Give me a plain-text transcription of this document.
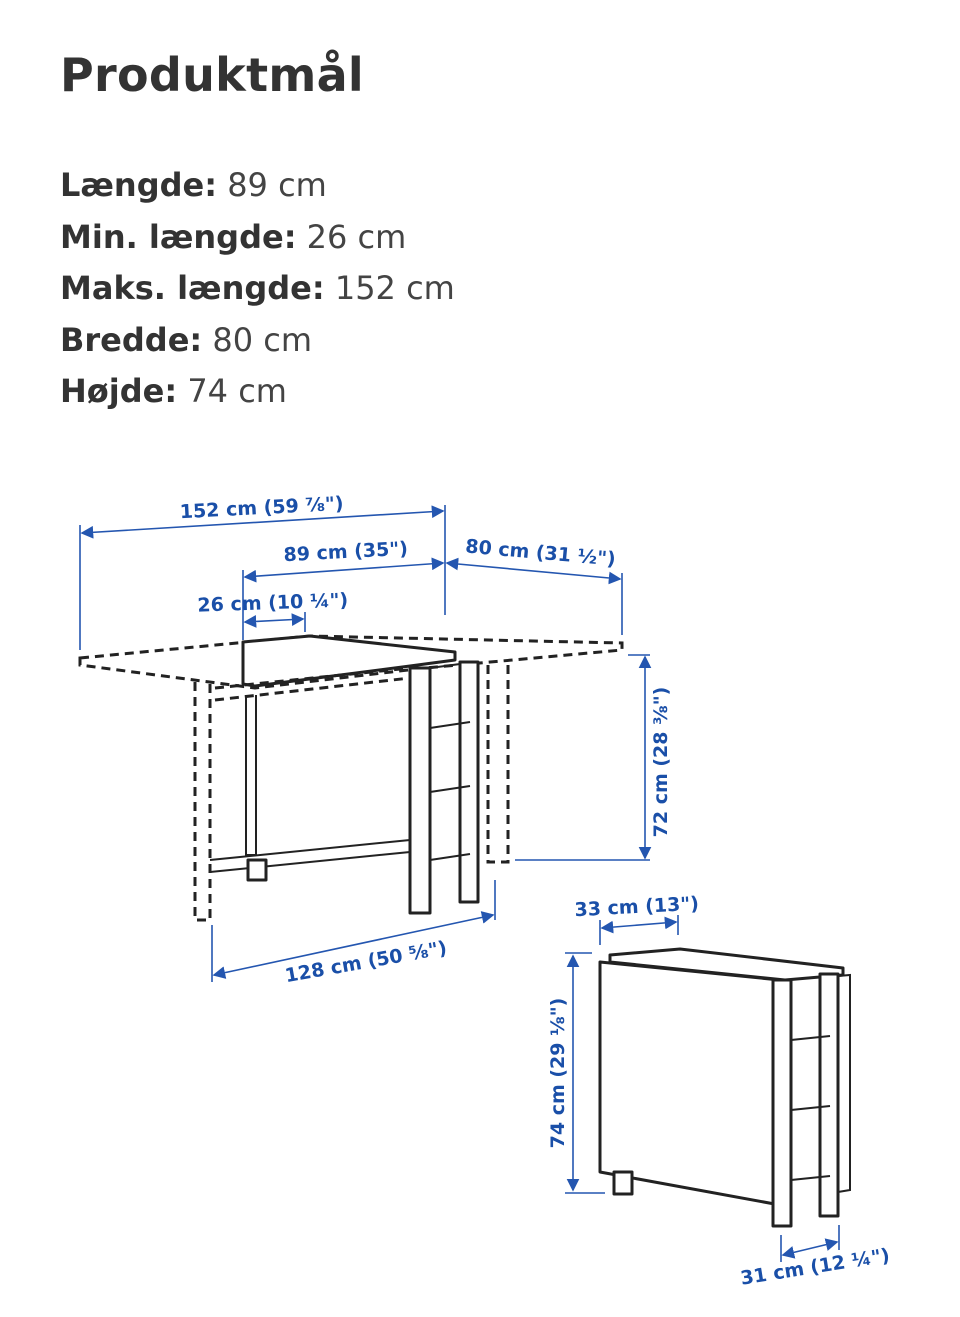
Produktmål
Længde: 89 cm
Min. længde: 26 cm
Maks. længde: 152 cm
Bredde: 80 cm
Højde: 74 cm
152 cm (59 ⅞")
89 cm (35")	80 cm (31 ½")
26 cm (10 ¼")
72 cm (28 ⅜")
128 cm (50 ⅝")
33 cm (13")
74 cm (29 ⅛")
31 cm (12 ¼")
